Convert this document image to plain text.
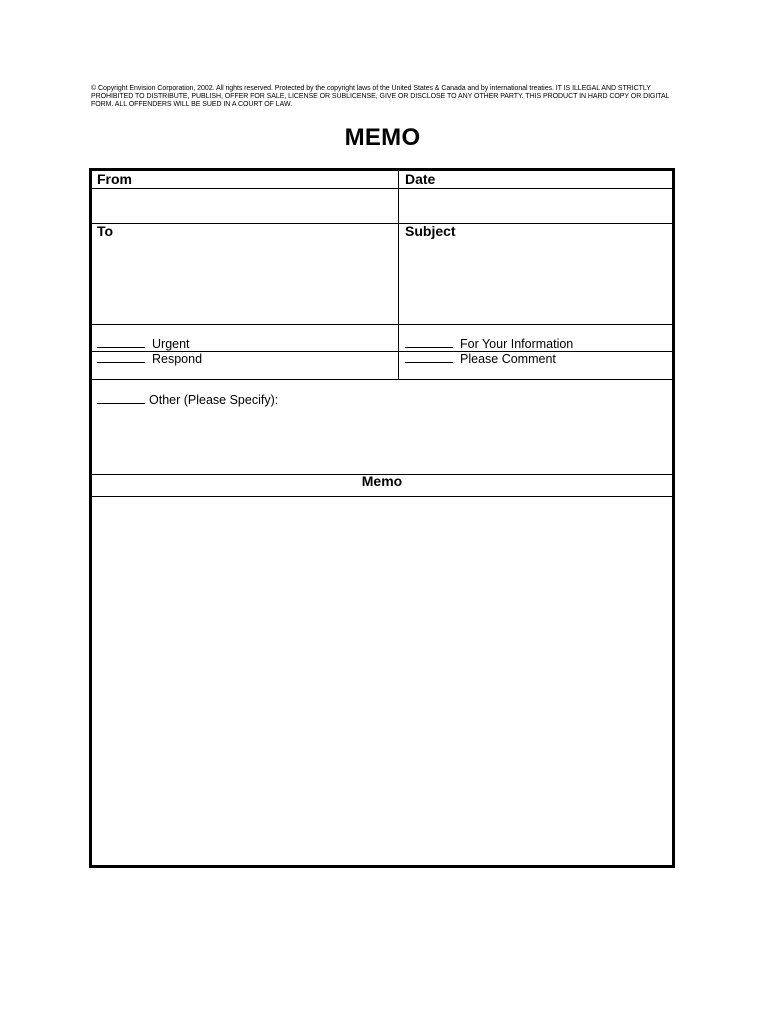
© Copyright Envision Corporation, 2002. All rights reserved. Protected by the copyright laws of the United States & Canada and by international treaties. IT IS ILLEGAL AND STRICTLY PROHIBITED TO DISTRIBUTE, PUBLISH, OFFER FOR SALE, LICENSE OR SUBLICENSE, GIVE OR DISCLOSE TO ANY OTHER PARTY. THIS PRODUCT IN HARD COPY OR DIGITAL FORM. ALL OFFENDERS WILL BE SUED IN A COURT OF LAW.
MEMO
From	Date
To	Subject
Urgent	For Your Information
Respond	Please Comment
Other (Please Specify):
Memo
